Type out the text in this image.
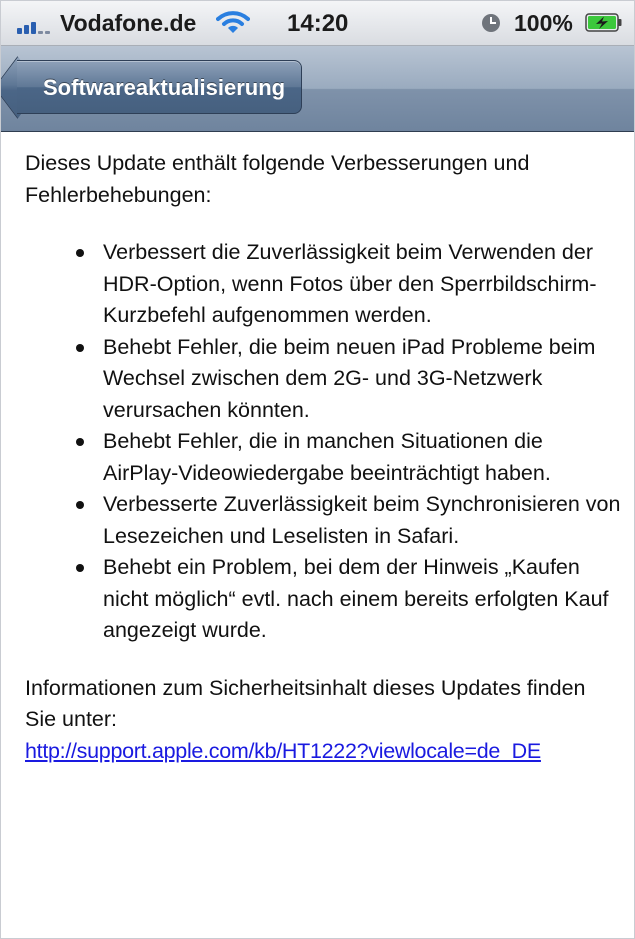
Vodafone.de	14:20	100%
Softwareaktualisierung

Dieses Update enthält folgende Verbesserungen und Fehlerbehebungen:

Verbessert die Zuverlässigkeit beim Verwenden der HDR-Option, wenn Fotos über den Sperrbildschirm-Kurzbefehl aufgenommen werden.
Behebt Fehler, die beim neuen iPad Probleme beim Wechsel zwischen dem 2G- und 3G-Netzwerk verursachen könnten.
Behebt Fehler, die in manchen Situationen die AirPlay-Videowiedergabe beeinträchtigt haben.
Verbesserte Zuverlässigkeit beim Synchronisieren von Lesezeichen und Leselisten in Safari.
Behebt ein Problem, bei dem der Hinweis „Kaufen nicht möglich“ evtl. nach einem bereits erfolgten Kauf angezeigt wurde.

Informationen zum Sicherheitsinhalt dieses Updates finden Sie unter:
http://support.apple.com/kb/HT1222?viewlocale=de_DE
